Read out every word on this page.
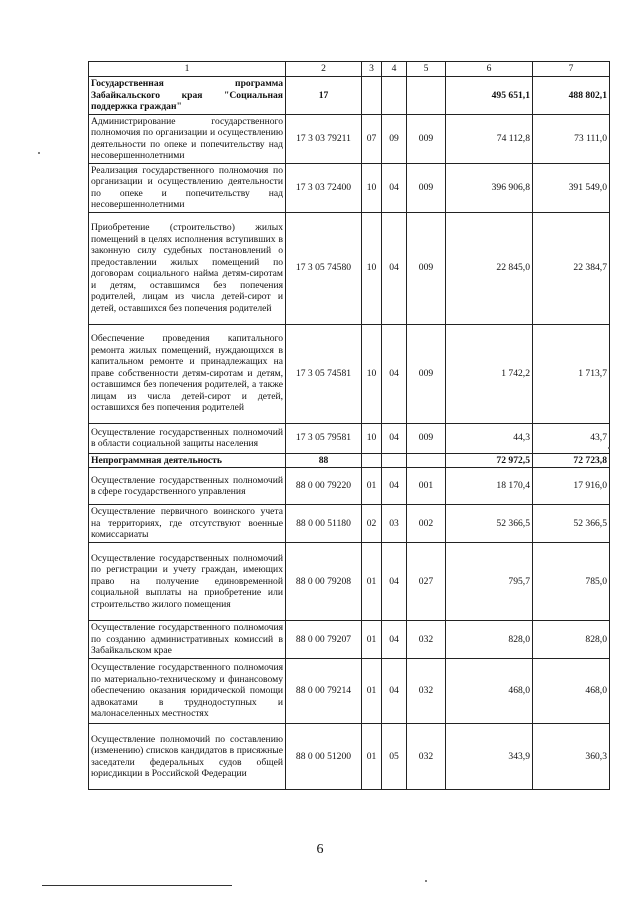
1	2	3	4	5	6	7
Государственная программа Забайкальского края "Социальная поддержка граждан"	17				495 651,1	488 802,1
Администрирование государственного полномочия по организации и осуществлению деятельности по опеке и попечительству над несовершеннолетними	17 3 03 79211	07	09	009	74 112,8	73 111,0
Реализация государственного полномочия по организации и осуществлению деятельности по опеке и попечительству над несовершеннолетними	17 3 03 72400	10	04	009	396 906,8	391 549,0
Приобретение (строительство) жилых помещений в целях исполнения вступивших в законную силу судебных постановлений о предоставлении жилых помещений по договорам социального найма детям-сиротам и детям, оставшимся без попечения родителей, лицам из числа детей-сирот и детей, оставшихся без попечения родителей	17 3 05 74580	10	04	009	22 845,0	22 384,7
Обеспечение проведения капитального ремонта жилых помещений, нуждающихся в капитальном ремонте и принадлежащих на праве собственности детям-сиротам и детям, оставшимся без попечения родителей, а также лицам из числа детей-сирот и детей, оставшихся без попечения родителей	17 3 05 74581	10	04	009	1 742,2	1 713,7
Осуществление государственных полномочий в области социальной защиты населения	17 3 05 79581	10	04	009	44,3	43,7
Непрограммная деятельность	88				72 972,5	72 723,8
Осуществление государственных полномочий в сфере государственного управления	88 0 00 79220	01	04	001	18 170,4	17 916,0
Осуществление первичного воинского учета на территориях, где отсутствуют военные комиссариаты	88 0 00 51180	02	03	002	52 366,5	52 366,5
Осуществление государственных полномочий по регистрации и учету граждан, имеющих право на получение единовременной социальной выплаты на приобретение или строительство жилого помещения	88 0 00 79208	01	04	027	795,7	785,0
Осуществление государственного полномочия по созданию административных комиссий в Забайкальском крае	88 0 00 79207	01	04	032	828,0	828,0
Осуществление государственного полномочия по материально-техническому и финансовому обеспечению оказания юридической помощи адвокатами в труднодоступных и малонаселенных местностях	88 0 00 79214	01	04	032	468,0	468,0
Осуществление полномочий по составлению (изменению) списков кандидатов в присяжные заседатели федеральных судов общей юрисдикции в Российской Федерации	88 0 00 51200	01	05	032	343,9	360,3
6
